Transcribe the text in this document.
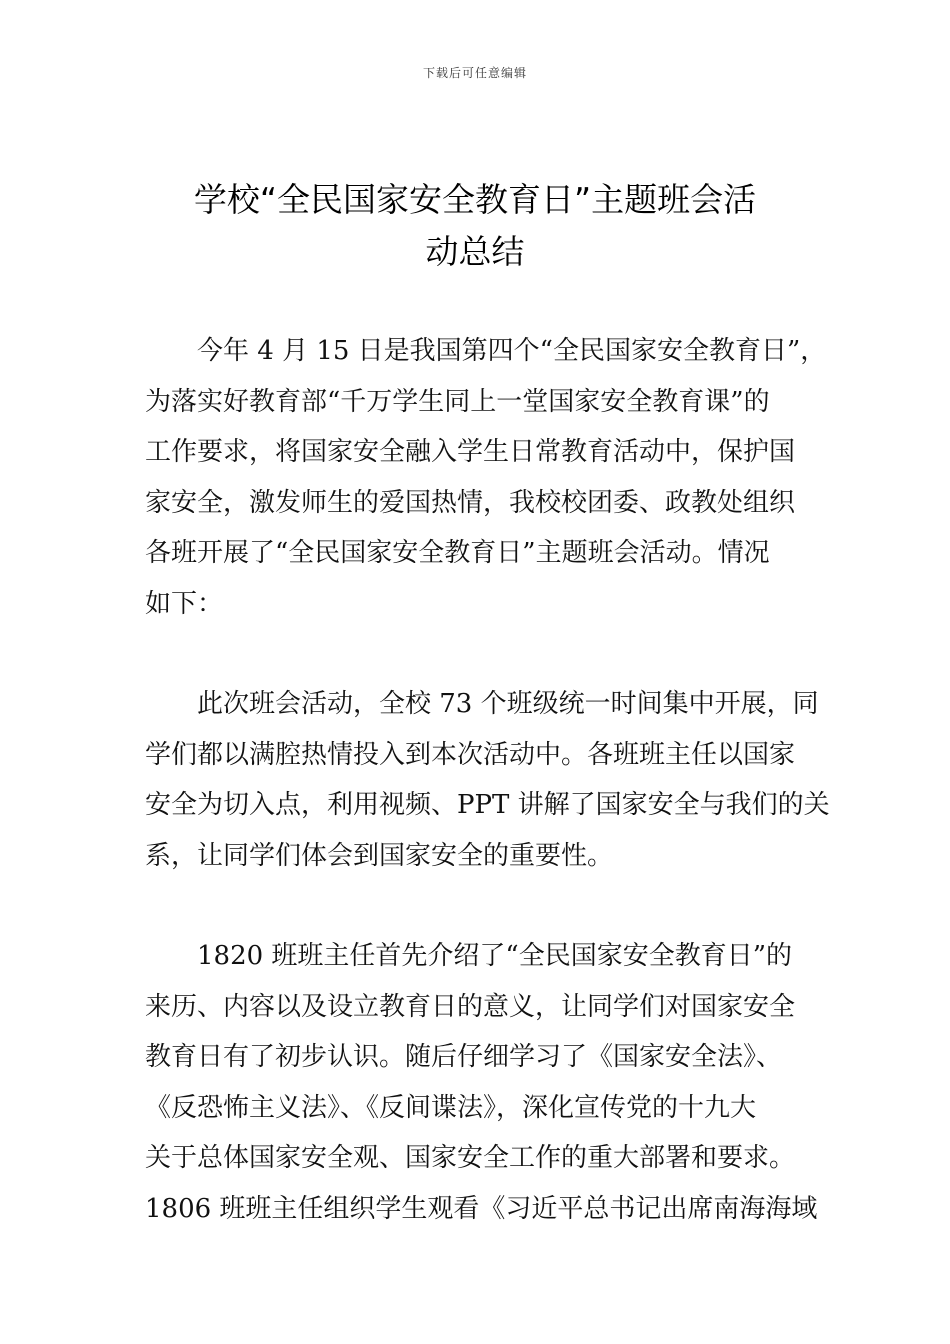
下载后可任意编辑
学校“全民国家安全教育日”主题班会活
动总结
今年 4 月 15 日是我国第四个“全民国家安全教育日”，
为落实好教育部“千万学生同上一堂国家安全教育课”的
工作要求，将国家安全融入学生日常教育活动中，保护国
家安全，激发师生的爱国热情，我校校团委、政教处组织
各班开展了“全民国家安全教育日”主题班会活动。情况
如下：
此次班会活动，全校 73 个班级统一时间集中开展，同
学们都以满腔热情投入到本次活动中。各班班主任以国家
安全为切入点，利用视频、PPT 讲解了国家安全与我们的关
系，让同学们体会到国家安全的重要性。
1820 班班主任首先介绍了“全民国家安全教育日”的
来历、内容以及设立教育日的意义，让同学们对国家安全
教育日有了初步认识。随后仔细学习了《国家安全法》、
《反恐怖主义法》、《反间谍法》，深化宣传党的十九大
关于总体国家安全观、国家安全工作的重大部署和要求。
1806 班班主任组织学生观看《习近平总书记出席南海海域
